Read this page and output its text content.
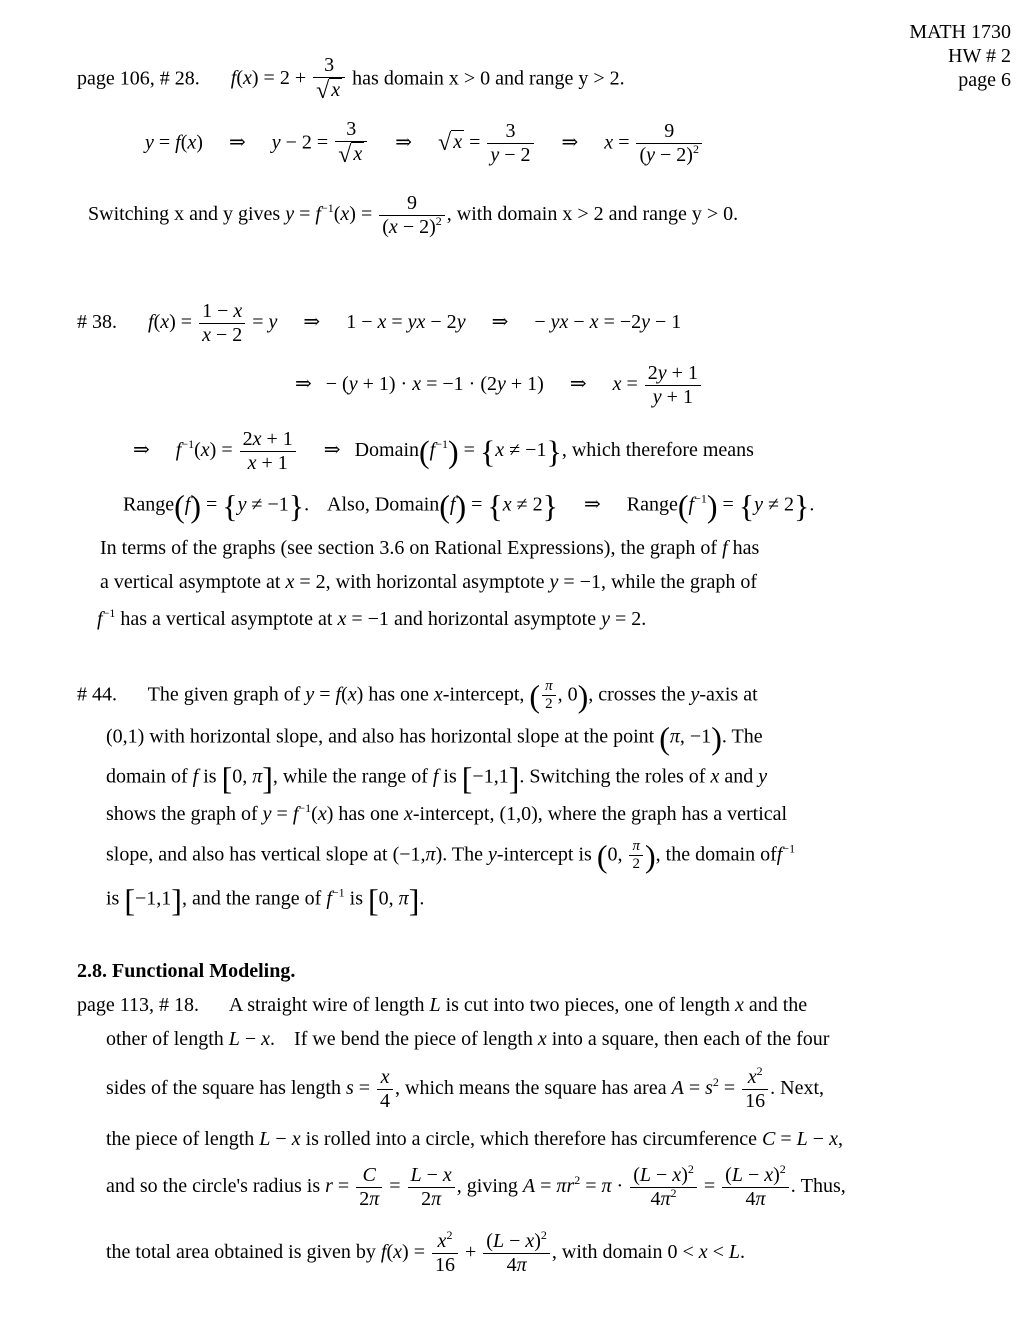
MATH 1730
HW # 2
page 6
page 106, # 28. $f(x) = 2 + \frac{3}{√ x}$ has domain x > 0 and range y > 2.
y = f(x) ⇒ $y - 2 = \frac{3}{√ x}$ ⇒ √ $x = \frac{3}{y - 2}$ ⇒ $x = \frac{9}{(y - 2)^2}$
Switching x and y gives $y = f^{-1}(x) = \frac{9}{(x - 2)^2}$ , with domain x > 2 and range y > 0.
# 38. $f(x) = \frac{1 - x}{x - 2} = y$ ⇒ 1 − x = yx − 2y ⇒ − yx − x = −2y − 1
⇒ − (y + 1) · x = −1 · (2y + 1) ⇒ $x = \frac{2y + 1}{y + 1}$
⇒ $f^{-1}(x) = \frac{2x + 1}{x + 1}$ ⇒ $Domain(f^{-1}) = \{x \ne -1\}$, which therefore means
Range(f) = {y ≠ −1}. Also, Domain(f) = {x ≠ 2} ⇒ $Range(f^{-1}) = \{y \ne 2\}$.
In terms of the graphs (see section 3.6 on Rational Expressions), the graph of f has
a vertical asymptote at x = 2, with horizontal asymptote y = −1, while the graph of
$f^{-1}$ has a vertical asymptote at x = −1 and horizontal asymptote y = 2.
# 44. The given graph of y = f(x) has one x-intercept, ( $\frac{\pi}{2}$ , 0), crosses the y-axis at
(0,1) with horizontal slope, and also has horizontal slope at the point (π, −1). The
domain of f is [0, π], while the range of f is [−1,1]. Switching the roles of x and y
shows the graph of $y = f^{-1}(x)$ has one x-intercept, (1,0), where the graph has a vertical
slope, and also has vertical slope at (−1,π). The y-intercept is (0, $\frac{\pi}{2}$ ), the domain off$^{-1}$
is [−1,1], and the range of $f^{-1}$ is [0, π].
2.8. Functional Modeling.
page 113, # 18. A straight wire of length L is cut into two pieces, one of length x and the
other of length L − x. If we bend the piece of length x into a square, then each of the four
sides of the square has length $s = \frac{x}{4}$ , which means the square has area $A = s^2 = \frac{x^2}{16}$ . Next,
the piece of length L − x is rolled into a circle, which therefore has circumference C = L − x,
and so the circle's radius is $r = \frac{C}{2\pi} = \frac{L - x}{2\pi}$ , giving $A = \pi r^2 = \pi \cdot \frac{(L - x)^2}{4\pi^2} = \frac{(L - x)^2}{4\pi}$ . Thus,
the total area obtained is given by $f(x) = \frac{x^2}{16} + \frac{(L - x)^2}{4\pi}$ , with domain 0 < x < L.
